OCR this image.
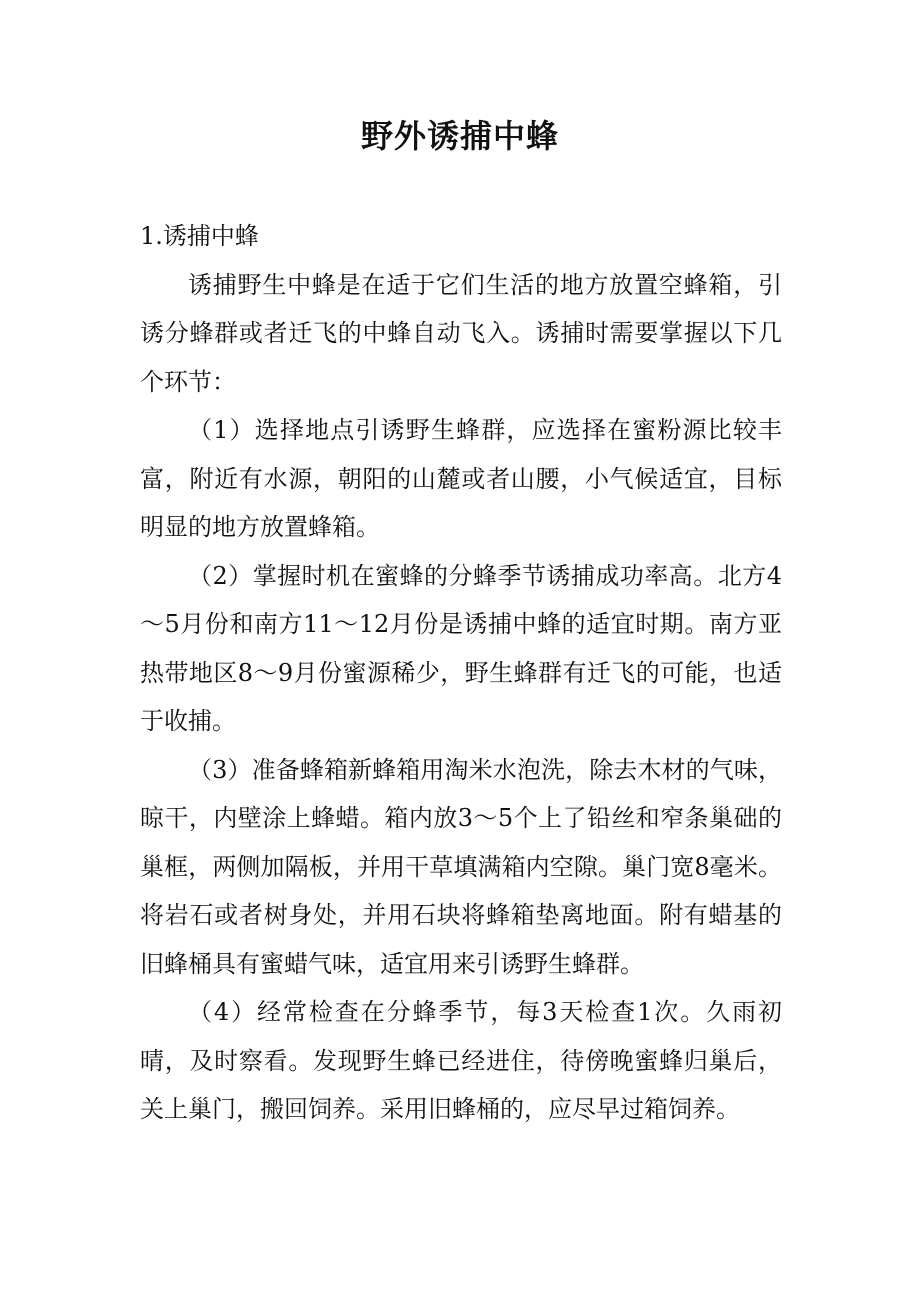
野外诱捕中蜂

1.诱捕中蜂

诱捕野生中蜂是在适于它们生活的地方放置空蜂箱，引诱分蜂群或者迁飞的中蜂自动飞入。诱捕时需要掌握以下几个环节：

（1）选择地点引诱野生蜂群，应选择在蜜粉源比较丰富，附近有水源，朝阳的山麓或者山腰，小气候适宜，目标明显的地方放置蜂箱。

（2）掌握时机在蜜蜂的分蜂季节诱捕成功率高。北方4～5月份和南方11～12月份是诱捕中蜂的适宜时期。南方亚热带地区8～9月份蜜源稀少，野生蜂群有迁飞的可能，也适于收捕。

（3）准备蜂箱新蜂箱用淘米水泡洗，除去木材的气味，晾干，内壁涂上蜂蜡。箱内放3～5个上了铅丝和窄条巢础的巢框，两侧加隔板，并用干草填满箱内空隙。巢门宽8毫米。将岩石或者树身处，并用石块将蜂箱垫离地面。附有蜡基的旧蜂桶具有蜜蜡气味，适宜用来引诱野生蜂群。

（4）经常检查在分蜂季节，每3天检查1次。久雨初晴，及时察看。发现野生蜂已经进住，待傍晚蜜蜂归巢后，关上巢门，搬回饲养。采用旧蜂桶的，应尽早过箱饲养。
